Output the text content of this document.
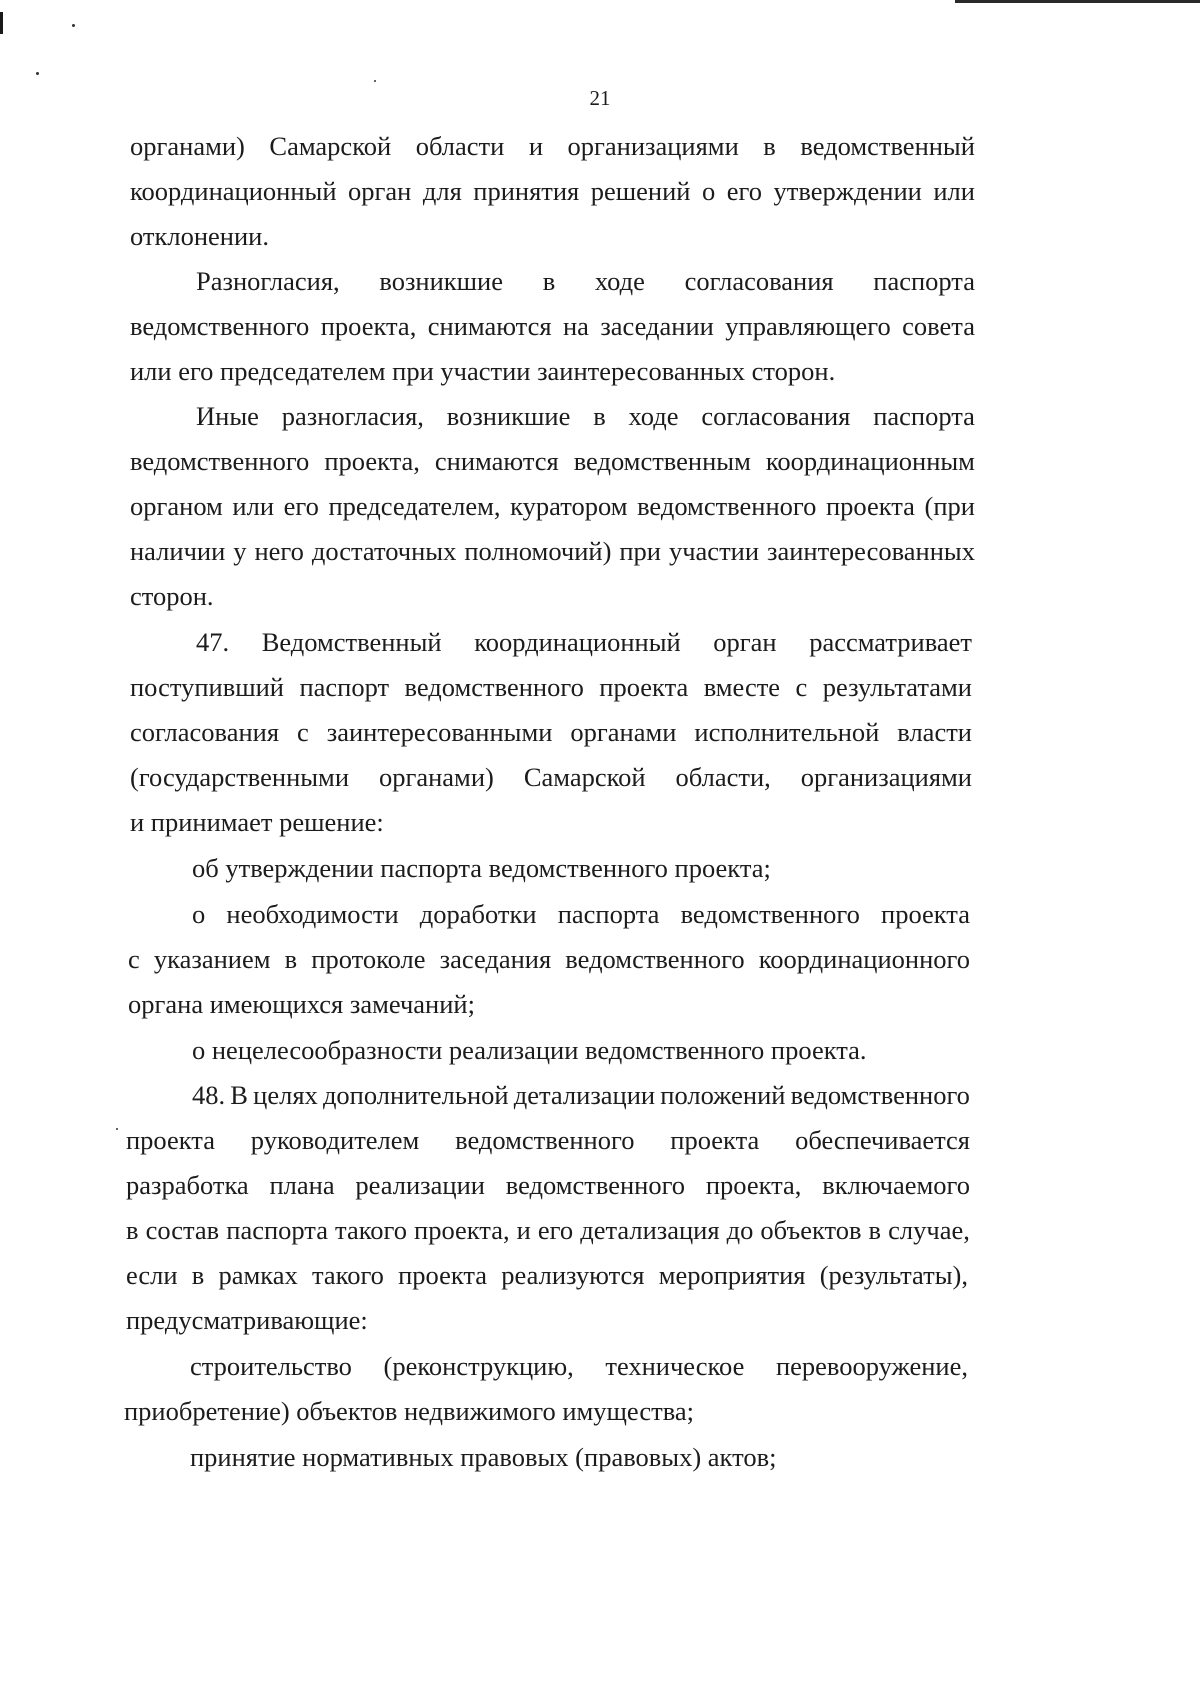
21
органами) Самарской области и организациями в ведомственный
координационный орган для принятия решений о его утверждении или
отклонении.
Разногласия, возникшие в ходе согласования паспорта
ведомственного проекта, снимаются на заседании управляющего совета
или его председателем при участии заинтересованных сторон.
Иные разногласия, возникшие в ходе согласования паспорта
ведомственного проекта, снимаются ведомственным координационным
органом или его председателем, куратором ведомственного проекта (при
наличии у него достаточных полномочий) при участии заинтересованных
сторон.
47. Ведомственный координационный орган рассматривает
поступивший паспорт ведомственного проекта вместе с результатами
согласования с заинтересованными органами исполнительной власти
(государственными органами) Самарской области, организациями
и принимает решение:
об утверждении паспорта ведомственного проекта;
о необходимости доработки паспорта ведомственного проекта
с указанием в протоколе заседания ведомственного координационного
органа имеющихся замечаний;
о нецелесообразности реализации ведомственного проекта.
48. В целях дополнительной детализации положений ведомственного
проекта руководителем ведомственного проекта обеспечивается
разработка плана реализации ведомственного проекта, включаемого
в состав паспорта такого проекта, и его детализация до объектов в случае,
если в рамках такого проекта реализуются мероприятия (результаты),
предусматривающие:
строительство (реконструкцию, техническое перевооружение,
приобретение) объектов недвижимого имущества;
принятие нормативных правовых (правовых) актов;
